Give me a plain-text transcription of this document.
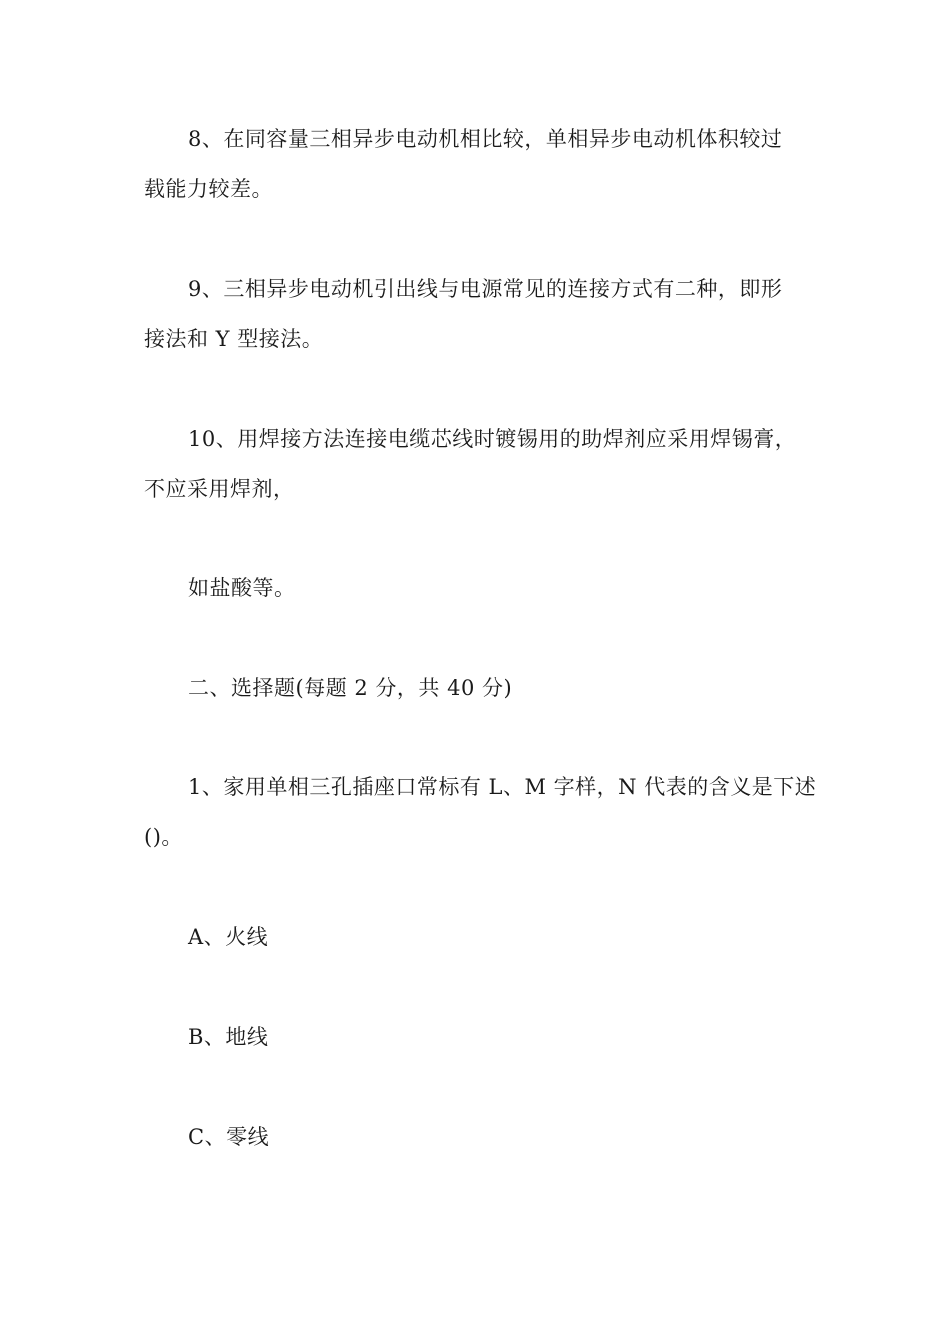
8、在同容量三相异步电动机相比较，单相异步电动机体积较过
载能力较差。
9、三相异步电动机引出线与电源常见的连接方式有二种，即形
接法和 Y 型接法。
10、用焊接方法连接电缆芯线时镀锡用的助焊剂应采用焊锡膏，
不应采用焊剂，
如盐酸等。
二、选择题(每题 2 分，共 40 分)
1、家用单相三孔插座口常标有 L、M 字样，N 代表的含义是下述
()。
A、火线
B、地线
C、零线
